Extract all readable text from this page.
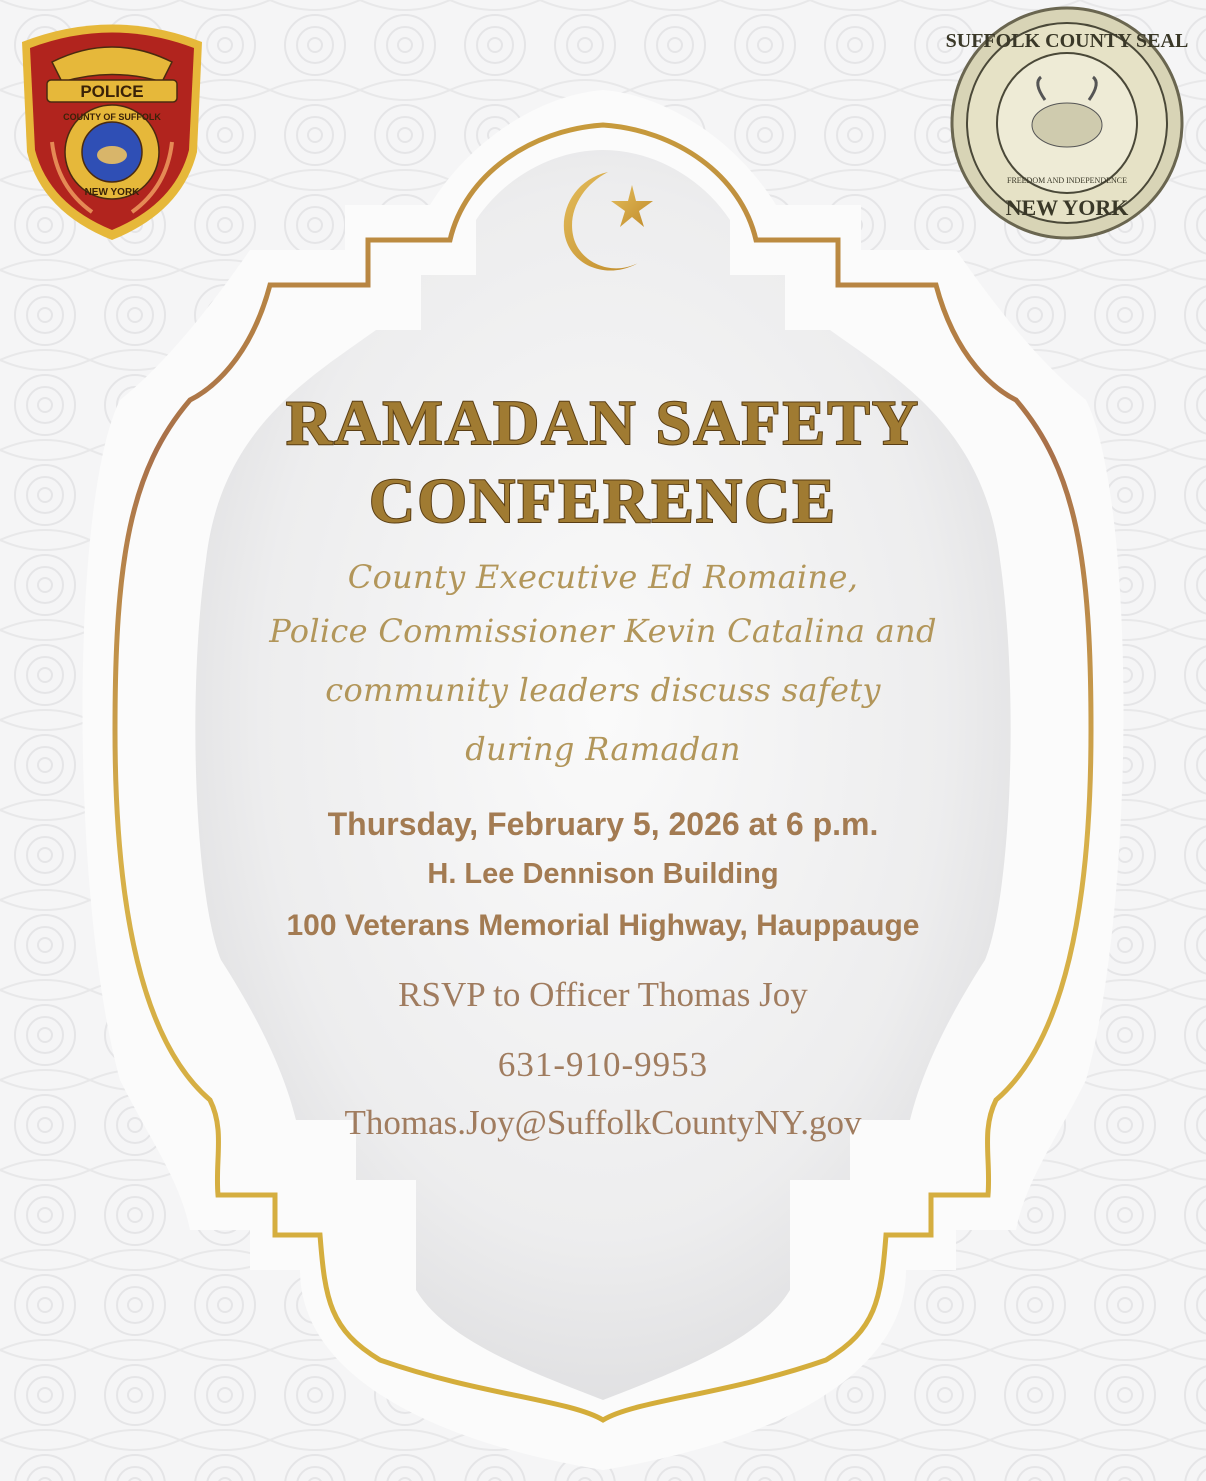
POLICE
COUNTY OF SUFFOLK
NEW YORK
SUFFOLK COUNTY SEAL
NEW YORK
FREEDOM AND INDEPENDENCE
RAMADAN SAFETY
CONFERENCE
County Executive Ed Romaine,
Police Commissioner Kevin Catalina and
community leaders discuss safety
during Ramadan
Thursday, February 5, 2026 at 6 p.m.
H. Lee Dennison Building
100 Veterans Memorial Highway, Hauppauge
RSVP to Officer Thomas Joy
631-910-9953
Thomas.Joy@SuffolkCountyNY.gov
